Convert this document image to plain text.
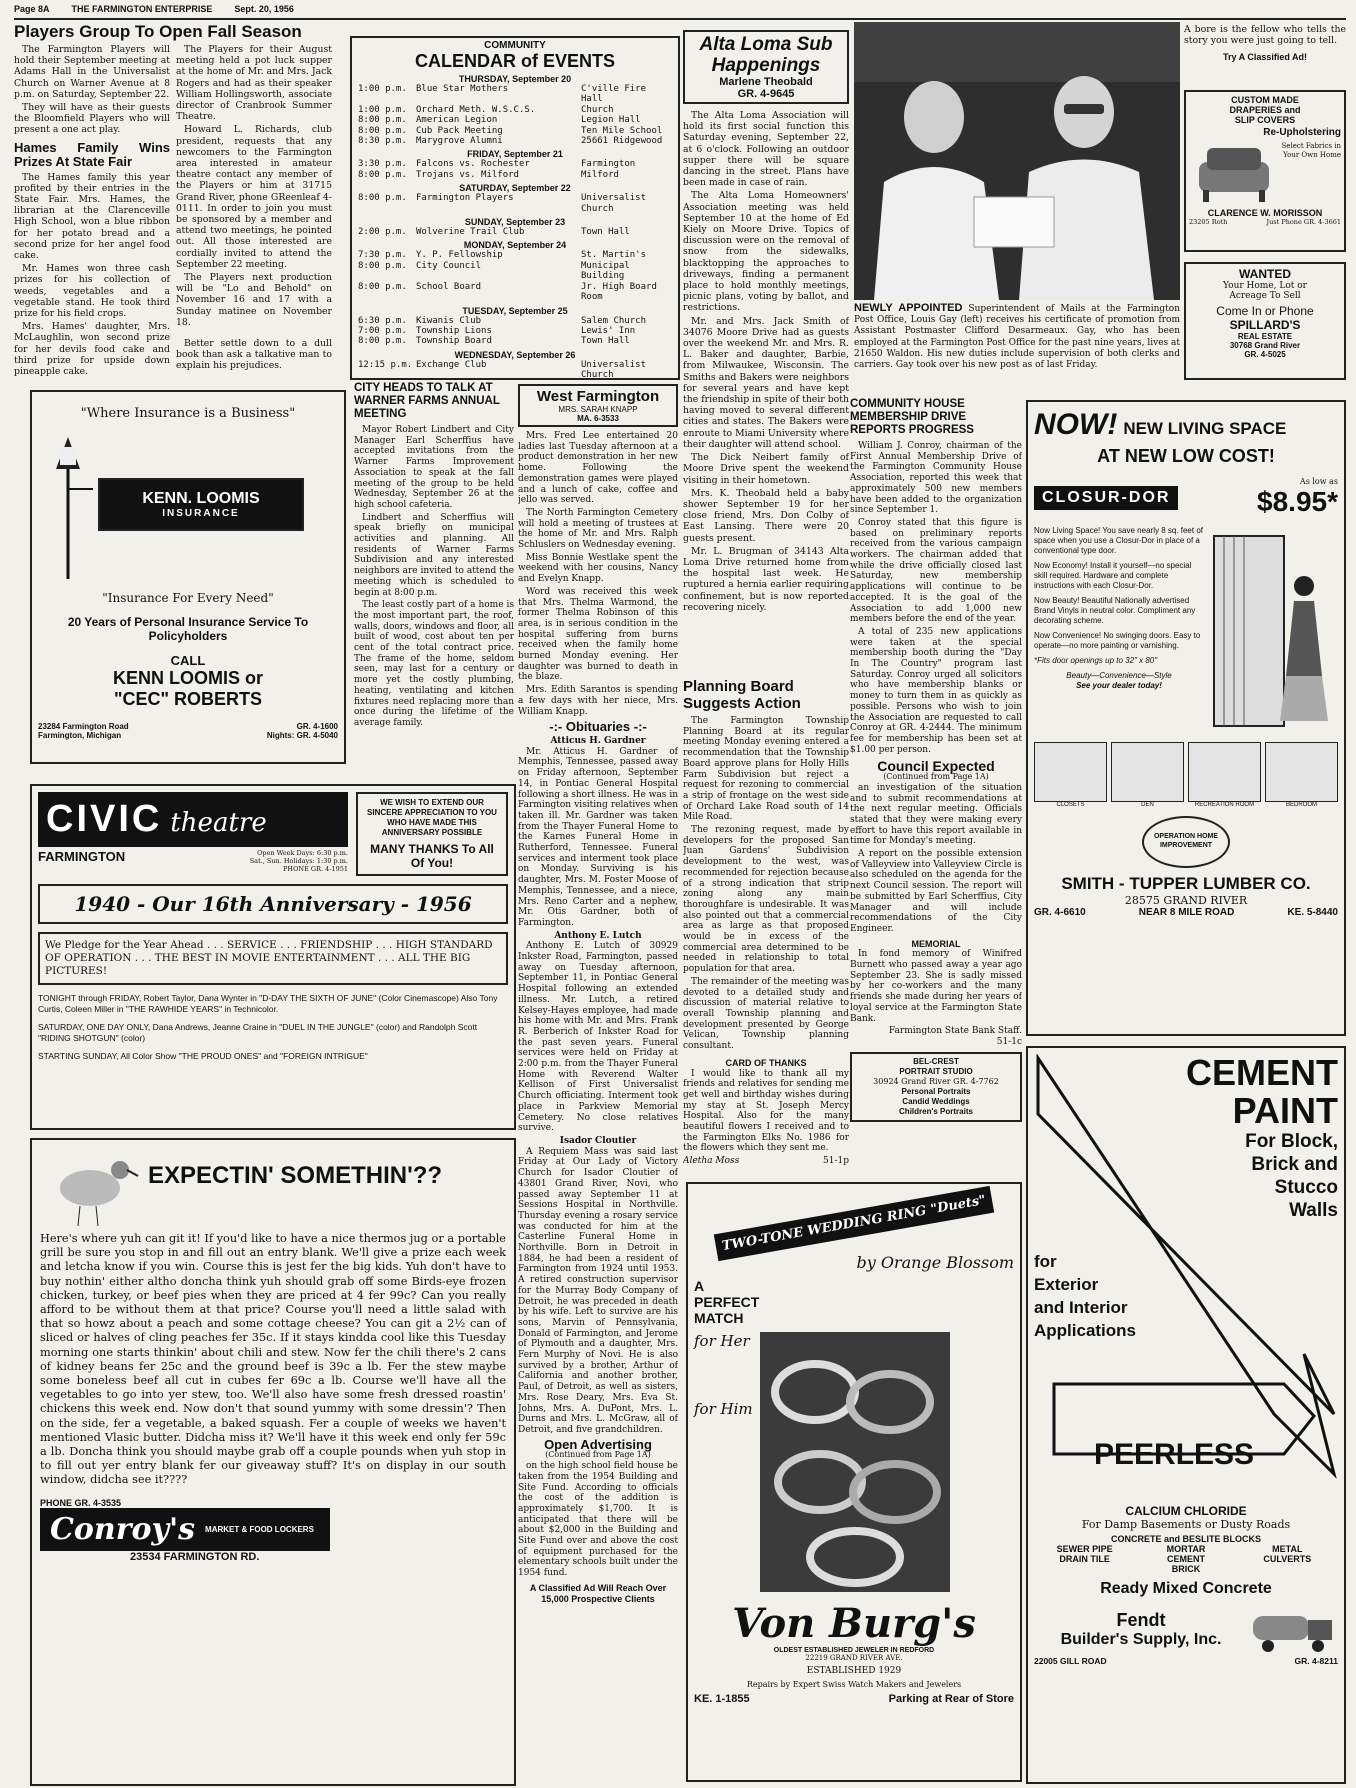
Page 8A THE FARMINGTON ENTERPRISE Sept. 20, 1956
Players Group To Open Fall Season

The Farmington Players will hold their September meeting at Adams Hall in the Universalist Church on Warner Avenue at 8 p.m. on Saturday, September 22.

They will have as their guests the Bloomfield Players who will present a one act play.

Hames Family Wins Prizes At State Fair

The Hames family this year profited by their entries in the State Fair. Mrs. Hames, the librarian at the Clarenceville High School, won a blue ribbon for her potato bread and a second prize for her angel food cake.

Mr. Hames won three cash prizes for his collection of weeds, vegetables and a vegetable stand. He took third prize for his field crops.

Mrs. Hames' daughter, Mrs. McLaughlin, won second prize for her devils food cake and third prize for upside down pineapple cake.

The Players for their August meeting held a pot luck supper at the home of Mr. and Mrs. Jack Rogers and had as their speaker William Hollingsworth, associate director of Cranbrook Summer Theatre.

Howard L. Richards, club president, requests that any newcomers to the Farmington area interested in amateur theatre contact any member of the Players or him at 31715 Grand River, phone GReenleaf 4-0111. In order to join you must be sponsored by a member and attend two meetings, he pointed out. All those interested are cordially invited to attend the September 22 meeting.

The Players next production will be "Lo and Behold" on November 16 and 17 with a Sunday matinee on November 18.

Better settle down to a dull book than ask a talkative man to explain his prejudices.

COMMUNITY
CALENDAR of EVENTS
THURSDAY, September 20
1:00 p.m.	Blue Star Mothers	C'ville Fire Hall
1:00 p.m.	Orchard Meth. W.S.C.S.	Church
8:00 p.m.	American Legion	Legion Hall
8:00 p.m.	Cub Pack Meeting	Ten Mile School
8:30 p.m.	Marygrove Alumni	25661 Ridgewood
FRIDAY, September 21
3:30 p.m.	Falcons vs. Rochester	Farmington
8:00 p.m.	Trojans vs. Milford	Milford
SATURDAY, September 22
8:00 p.m.	Farmington Players	Universalist Church
SUNDAY, September 23
2:00 p.m.	Wolverine Trail Club	Town Hall
MONDAY, September 24
7:30 p.m.	Y. P. Fellowship	St. Martin's
8:00 p.m.	City Council	Municipal Building
8:00 p.m.	School Board	Jr. High Board Room
TUESDAY, September 25
6:30 p.m.	Kiwanis Club	Salem Church
7:00 p.m.	Township Lions	Lewis' Inn
8:00 p.m.	Township Board	Town Hall
WEDNESDAY, September 26
12:15 p.m. Exchange Club	Universalist Church
Alta Loma Sub
Happenings
Marlene Theobald
GR. 4-9645

The Alta Loma Association will hold its first social function this Saturday evening, September 22, at 6 o'clock. Following an outdoor supper there will be square dancing in the street. Plans have been made in case of rain.

The Alta Loma Homeowners' Association meeting was held September 10 at the home of Ed Kiely on Moore Drive. Topics of discussion were on the removal of snow from the sidewalks, blacktopping the approaches to driveways, finding a permanent place to hold monthly meetings, picnic plans, voting by ballot, and restrictions.

Mr. and Mrs. Jack Smith of 34076 Moore Drive had as guests over the weekend Mr. and Mrs. R. L. Baker and daughter, Barbie, from Milwaukee, Wisconsin. The Smiths and Bakers were neighbors for several years and have kept the friendship in spite of their both having moved to several different cities and states. The Bakers were enroute to Miami University where their daughter will attend school.

The Dick Neibert family of Moore Drive spent the weekend visiting in their hometown.

Mrs. K. Theobald held a baby shower September 19 for her close friend, Mrs. Don Colby of East Lansing. There were 20 guests present.

Mr. L. Brugman of 34143 Alta Loma Drive returned home from the hospital last week. He ruptured a hernia earlier requiring confinement, but is now reported recovering nicely.

NEWLY APPOINTED Superintendent of Mails at the Farmington Post Office, Louis Gay (left) receives his certificate of promotion from Assistant Postmaster Clifford Desarmeaux. Gay, who has been employed at the Farmington Post Office for the past nine years, lives at 21650 Waldon. His new duties include supervision of both clerks and carriers. Gay took over his new post as of last Friday.
A bore is the fellow who tells the story you were just going to tell.
Try A Classified Ad!
CUSTOM MADE
DRAPERIES and
SLIP COVERS
Re-Upholstering
Select Fabrics in Your Own Home
CLARENCE W. MORISSON
23205 Roth	Just Phone GR. 4-3661
WANTED
Your Home, Lot or
Acreage To Sell
Come In or Phone
SPILLARD'S
REAL ESTATE
30768 Grand River
GR. 4-5025
"Where Insurance is a Business"
KENN. LOOMIS
INSURANCE
"Insurance For Every Need"
20 Years of Personal Insurance Service To Policyholders
CALL
KENN LOOMIS or
"CEC" ROBERTS
23284 Farmington Road
Farmington, Michigan
GR. 4-1600
Nights: GR. 4-5040
CITY HEADS TO TALK AT WARNER FARMS ANNUAL MEETING

Mayor Robert Lindbert and City Manager Earl Scherffius have accepted invitations from the Warner Farms Improvement Association to speak at the fall meeting of the group to be held Wednesday, September 26 at the high school cafeteria.

Lindbert and Scherffius will speak briefly on municipal activities and planning. All residents of Warner Farms Subdivision and any interested neighbors are invited to attend the meeting which is scheduled to begin at 8:00 p.m.

The least costly part of a home is the most important part, the roof, walls, doors, windows and floor, all built of wood, cost about ten per cent of the total contract price. The frame of the home, seldom seen, may last for a century or more yet the costly plumbing, heating, ventilating and kitchen fixtures need replacing more than once during the lifetime of the average family.

West Farmington
MRS. SARAH KNAPP
MA. 6-3533

Mrs. Fred Lee entertained 20 ladies last Tuesday afternoon at a product demonstration in her new home. Following the demonstration games were played and a lunch of cake, coffee and jello was served.

The North Farmington Cemetery will hold a meeting of trustees at the home of Mr. and Mrs. Ralph Schluslers on Wednesday evening.

Miss Bonnie Westlake spent the weekend with her cousins, Nancy and Evelyn Knapp.

Word was received this week that Mrs. Thelma Warmond, the former Thelma Robinson of this area, is in serious condition in the hospital suffering from burns received when the family home burned Monday evening. Her daughter was burned to death in the blaze.

Mrs. Edith Sarantos is spending a few days with her niece, Mrs. William Knapp.

-:- Obituaries -:-
Atticus H. Gardner

Mr. Atticus H. Gardner of Memphis, Tennessee, passed away on Friday afternoon, September 14, in Pontiac General Hospital following a short illness. He was in Farmington visiting relatives when taken ill. Mr. Gardner was taken from the Thayer Funeral Home to the Karnes Funeral Home in Rutherford, Tennessee. Funeral services and interment took place on Monday. Surviving is his daughter, Mrs. M. Foster Moose of Memphis, Tennessee, and a niece, Mrs. Reno Carter and a nephew, Mr. Otis Gardner, both of Farmington.

Anthony E. Lutch

Anthony E. Lutch of 30929 Inkster Road, Farmington, passed away on Tuesday afternoon, September 11, in Pontiac General Hospital following an extended illness. Mr. Lutch, a retired Kelsey-Hayes employee, had made his home with Mr. and Mrs. Frank R. Berberich of Inkster Road for the past seven years. Funeral services were held on Friday at 2:00 p.m. from the Thayer Funeral Home with Reverend Walter Kellison of First Universalist Church officiating. Interment took place in Parkview Memorial Cemetery. No close relatives survive.

Isador Cloutier

A Requiem Mass was said last Friday at Our Lady of Victory Church for Isador Cloutier of 43801 Grand River, Novi, who passed away September 11 at Sessions Hospital in Northville. Thursday evening a rosary service was conducted for him at the Casterline Funeral Home in Northville. Born in Detroit in 1884, he had been a resident of Farmington from 1924 until 1953. A retired construction supervisor for the Murray Body Company of Detroit, he was preceded in death by his wife. Left to survive are his sons, Marvin of Pennsylvania, Donald of Farmington, and Jerome of Plymouth and a daughter, Mrs. Fern Murphy of Novi. He is also survived by a brother, Arthur of California and another brother, Paul, of Detroit, as well as sisters, Mrs. Rose Deary, Mrs. Eva St. Johns, Mrs. A. DuPont, Mrs. L. Durns and Mrs. L. McGraw, all of Detroit, and five grandchildren.

Open Advertising
(Continued from Page 1A)

on the high school field house be taken from the 1954 Building and Site Fund. According to officials the cost of the addition is approximately $1,700. It is anticipated that there will be about $2,000 in the Building and Site Fund over and above the cost of equipment purchased for the elementary schools built under the 1954 fund.

A Classified Ad Will Reach Over 15,000 Prospective Clients
Planning Board Suggests Action

The Farmington Township Planning Board at its regular meeting Monday evening entered a recommendation that the Township Board approve plans for Holly Hills Farm Subdivision but reject a request for rezoning to commercial a strip of frontage on the west side of Orchard Lake Road south of 14 Mile Road.

The rezoning request, made by developers for the proposed San Juan Gardens' Subdivision development to the west, was recommended for rejection because of a strong indication that strip zoning along any main thoroughfare is undesirable. It was also pointed out that a commercial area as large as that proposed would be in excess of the commercial area determined to be needed in relationship to total population for that area.

The remainder of the meeting was devoted to a detailed study and discussion of material relative to overall Township planning and development presented by George Velican, Township planning consultant.

CARD OF THANKS

I would like to thank all my friends and relatives for sending me get well and birthday wishes during my stay at St. Joseph Mercy Hospital. Also for the many beautiful flowers I received and to the Farmington Elks No. 1986 for the flowers which they sent me.

Aletha Moss	51-1p
COMMUNITY HOUSE MEMBERSHIP DRIVE REPORTS PROGRESS

William J. Conroy, chairman of the First Annual Membership Drive of the Farmington Community House Association, reported this week that approximately 500 new members have been added to the organization since September 1.

Conroy stated that this figure is based on preliminary reports received from the various campaign workers. The chairman added that while the drive officially closed last Saturday, new membership applications will continue to be accepted. It is the goal of the Association to add 1,000 new members before the end of the year.

A total of 235 new applications were taken at the special membership booth during the "Day In The Country" program last Saturday. Conroy urged all solicitors who have membership blanks or money to turn them in as quickly as possible. Persons who wish to join the Association are requested to call Conroy at GR. 4-2444. The minimum fee for membership has been set at $1.00 per person.

Council Expected
(Continued from Page 1A)

an investigation of the situation and to submit recommendations at the next regular meeting. Officials stated that they were making every effort to have this report available in time for Monday's meeting.

A report on the possible extension of Valleyview into Valleyview Circle is also scheduled on the agenda for the next Council session. The report will be submitted by Earl Scherffius, City Manager and will include recommendations of the City Engineer.

MEMORIAL

In fond memory of Winifred Burnett who passed away a year ago September 23. She is sadly missed by her co-workers and the many friends she made during her years of loyal service at the Farmington State Bank.

Farmington State Bank Staff.
51-1c
BEL-CREST
PORTRAIT STUDIO
30924 Grand River GR. 4-7762
Personal Portraits
Candid Weddings
Children's Portraits
NOW! NEW LIVING SPACE
AT NEW LOW COST!
CLOSUR-DOR
As low as
$8.95*

Now Living Space! You save nearly 8 sq. feet of space when you use a Closur-Dor in place of a conventional type door.

Now Economy! Install it yourself—no special skill required. Hardware and complete instructions with each Closur-Dor.

Now Beauty! Beautiful Nationally advertised Brand Vinyls in neutral color. Compliment any decorating scheme.

Now Convenience! No swinging doors. Easy to operate—no more painting or varnishing.

*Fits door openings up to 32" x 80"

Beauty—Convenience—Style
See your dealer today!
CLOSETS	DEN	RECREATION ROOM	BEDROOM
OPERATION HOME IMPROVEMENT
SMITH - TUPPER LUMBER CO.
28575 GRAND RIVER
GR. 4-6610	NEAR 8 MILE ROAD	KE. 5-8440
CIVIC theatre
FARMINGTON	Open Week Days: 6:30 p.m.
Sat., Sun. Holidays: 1:30 p.m.
PHONE GR. 4-1951
WE WISH TO EXTEND OUR SINCERE APPRECIATION TO YOU WHO HAVE MADE THIS ANNIVERSARY POSSIBLE
MANY THANKS To All Of You!
1940 - Our 16th Anniversary - 1956
We Pledge for the Year Ahead . . . SERVICE . . . FRIENDSHIP . . . HIGH STANDARD OF OPERATION . . . THE BEST IN MOVIE ENTERTAINMENT . . . ALL THE BIG PICTURES!
TONIGHT through FRIDAY, Robert Taylor, Dana Wynter in "D-DAY THE SIXTH OF JUNE" (Color Cinemascope) Also Tony Curtis, Coleen Miller in "THE RAWHIDE YEARS" in Technicolor.
SATURDAY, ONE DAY ONLY, Dana Andrews, Jeanne Craine in "DUEL IN THE JUNGLE" (color) and Randolph Scott "RIDING SHOTGUN" (color)
STARTING SUNDAY, All Color Show "THE PROUD ONES" and "FOREIGN INTRIGUE"
EXPECTIN' SOMETHIN'??
Here's where yuh can git it! If you'd like to have a nice thermos jug or a portable grill be sure you stop in and fill out an entry blank. We'll give a prize each week and letcha know if you win. Course this is jest fer the big kids. Yuh don't have to buy nothin' either altho doncha think yuh should grab off some Birds-eye frozen chicken, turkey, or beef pies when they are priced at 4 fer 99c? Can you really afford to be without them at that price? Course you'll need a little salad with that so howz about a peach and some cottage cheese? You can git a 2½ can of sliced or halves of cling peaches fer 35c. If it stays kindda cool like this Tuesday morning one starts thinkin' about chili and stew. Now fer the chili there's 2 cans of kidney beans fer 25c and the ground beef is 39c a lb. Fer the stew maybe some boneless beef all cut in cubes fer 69c a lb. Course we'll have all the vegetables to go into yer stew, too. We'll also have some fresh dressed roastin' chickens this week end. Now don't that sound yummy with some dressin'? Then on the side, fer a vegetable, a baked squash. Fer a couple of weeks we haven't mentioned Vlasic butter. Didcha miss it? We'll have it this week end only fer 59c a lb. Doncha think you should maybe grab off a couple pounds when yuh stop in to fill out yer entry blank fer our giveaway stuff? It's on display in our south window, didcha see it????
PHONE GR. 4-3535
Conroy's MARKET & FOOD LOCKERS
23534 FARMINGTON RD.
TWO-TONE WEDDING RING "Duets"
by Orange Blossom
A PERFECT MATCH
for Her
for Him
Von Burg's
OLDEST ESTABLISHED JEWELER IN REDFORD
22219 GRAND RIVER AVE.
ESTABLISHED 1929
Repairs by Expert Swiss Watch Makers and Jewelers
KE. 1-1855	Parking at Rear of Store
CEMENT
PAINT
For Block,
Brick and
Stucco
Walls
for
Exterior
and Interior
Applications
PEERLESS
CALCIUM CHLORIDE
For Damp Basements or Dusty Roads
CONCRETE and BESLITE BLOCKS
SEWER PIPE	MORTAR	METAL
DRAIN TILE	CEMENT	CULVERTS
BRICK
Ready Mixed Concrete
Fendt
Builder's Supply, Inc.
22005 GILL ROAD	GR. 4-8211
